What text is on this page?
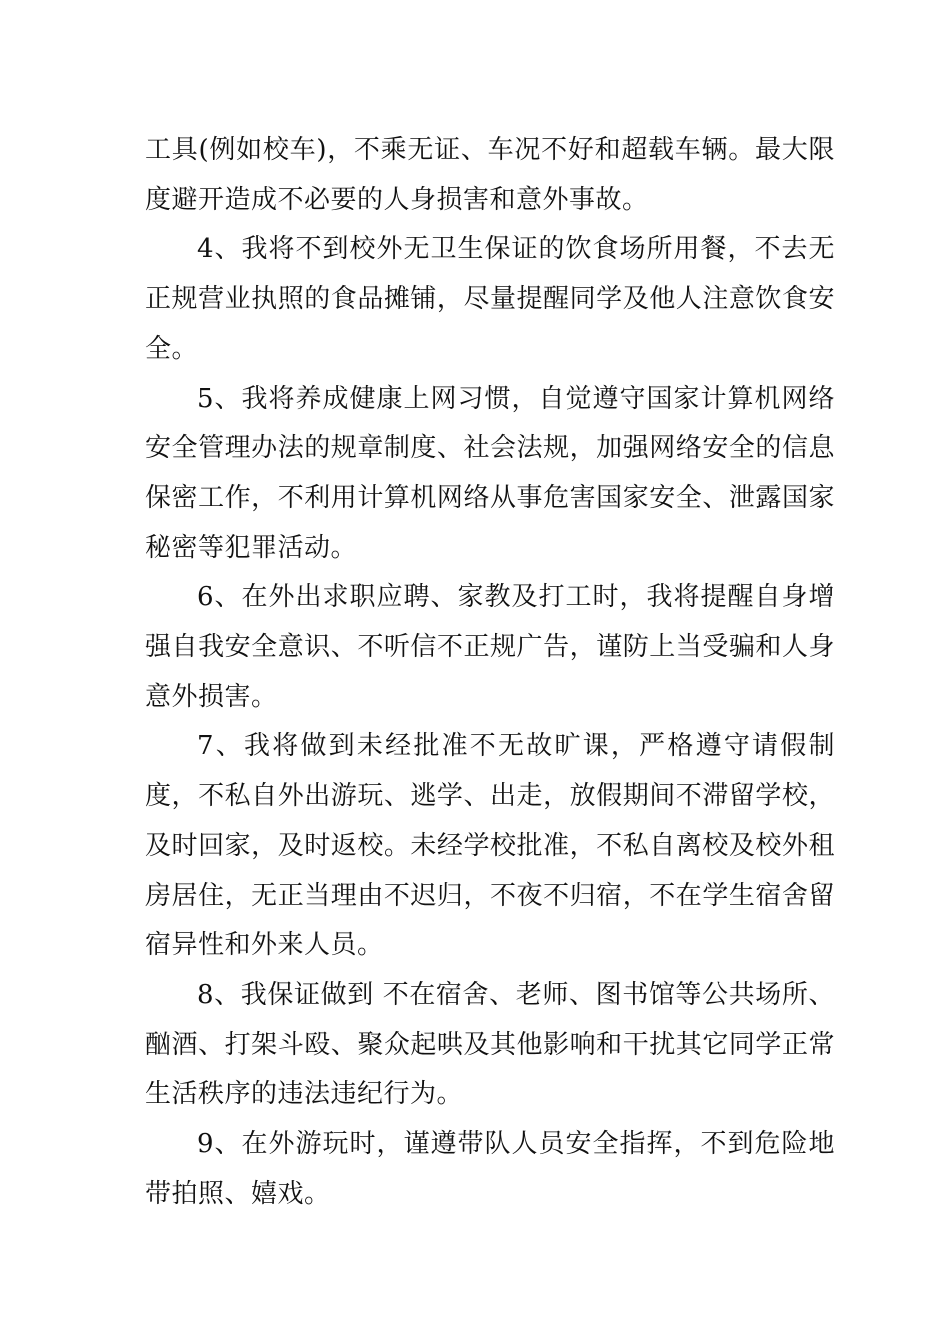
工具(例如校车)，不乘无证、车况不好和超载车辆。最大限度避开造成不必要的人身损害和意外事故。

4、我将不到校外无卫生保证的饮食场所用餐，不去无正规营业执照的食品摊铺，尽量提醒同学及他人注意饮食安全。

5、我将养成健康上网习惯，自觉遵守国家计算机网络安全管理办法的规章制度、社会法规，加强网络安全的信息保密工作，不利用计算机网络从事危害国家安全、泄露国家秘密等犯罪活动。

6、在外出求职应聘、家教及打工时，我将提醒自身增强自我安全意识、不听信不正规广告，谨防上当受骗和人身意外损害。

7、我将做到未经批准不无故旷课，严格遵守请假制度，不私自外出游玩、逃学、出走，放假期间不滞留学校，及时回家，及时返校。未经学校批准，不私自离校及校外租房居住，无正当理由不迟归，不夜不归宿，不在学生宿舍留宿异性和外来人员。

8、我保证做到 不在宿舍、老师、图书馆等公共场所、酗酒、打架斗殴、聚众起哄及其他影响和干扰其它同学正常生活秩序的违法违纪行为。

9、在外游玩时，谨遵带队人员安全指挥，不到危险地带拍照、嬉戏。
